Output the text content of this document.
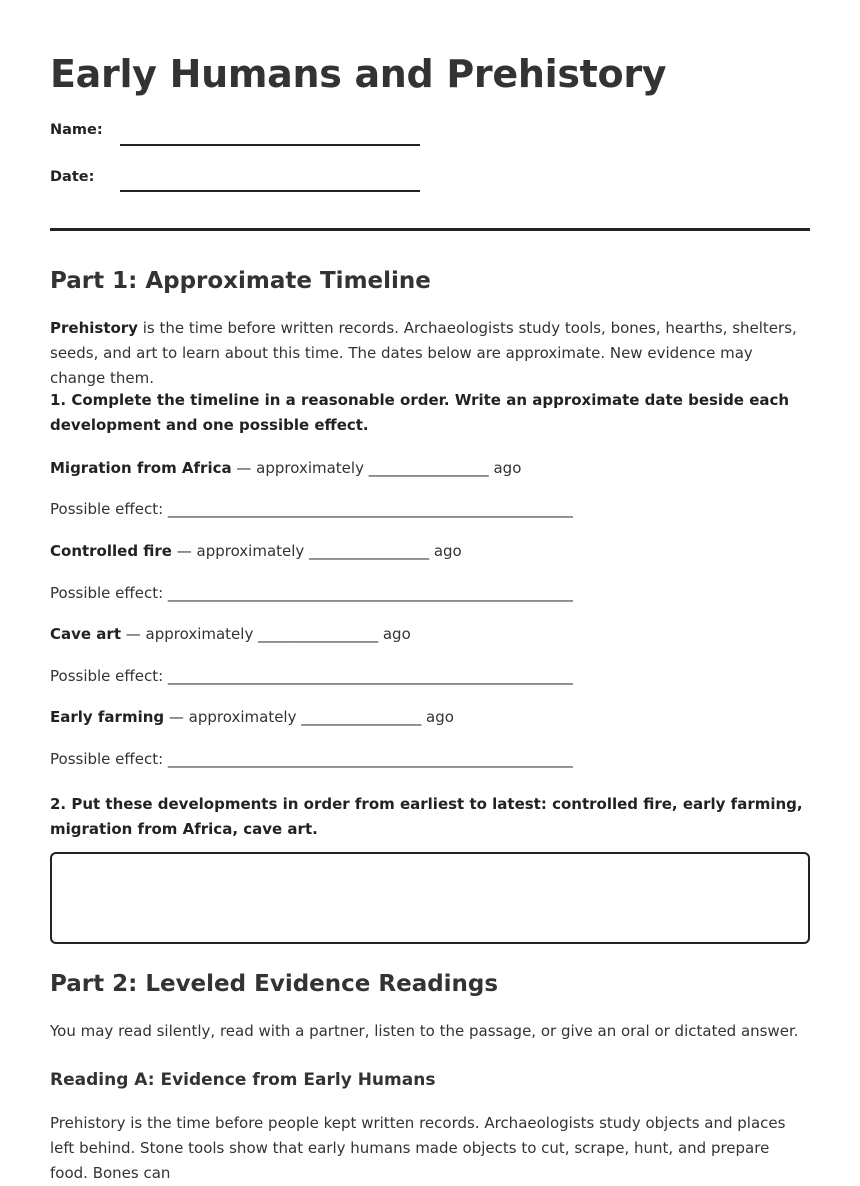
Early Humans and Prehistory
Name:
Date:
Part 1: Approximate Timeline

Prehistory is the time before written records. Archaeologists study tools, bones, hearths, shelters, seeds, and art to learn about this time. The dates below are approximate. New evidence may change them.

1. Complete the timeline in a reasonable order. Write an approximate date beside each development and one possible effect.

Migration from Africa — approximately ________________ ago
Possible effect: ______________________________________________________
Controlled fire — approximately ________________ ago
Possible effect: ______________________________________________________
Cave art — approximately ________________ ago
Possible effect: ______________________________________________________
Early farming — approximately ________________ ago
Possible effect: ______________________________________________________

2. Put these developments in order from earliest to latest: controlled fire, early farming, migration from Africa, cave art.

Part 2: Leveled Evidence Readings

You may read silently, read with a partner, listen to the passage, or give an oral or dictated answer.

Reading A: Evidence from Early Humans

Prehistory is the time before people kept written records. Archaeologists study objects and places left behind. Stone tools show that early humans made objects to cut, scrape, hunt, and prepare food. Bones can
